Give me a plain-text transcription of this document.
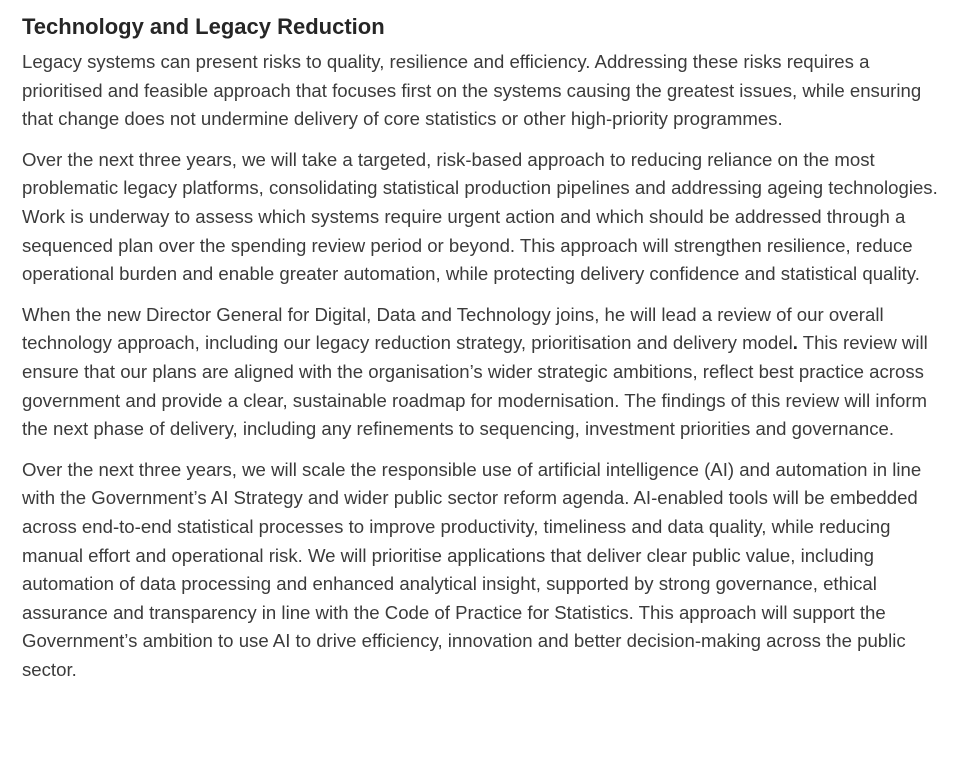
Technology and Legacy Reduction

Legacy systems can present risks to quality, resilience and efficiency. Addressing these risks requires a prioritised and feasible approach that focuses first on the systems causing the greatest issues, while ensuring that change does not undermine delivery of core statistics or other high-priority programmes.

Over the next three years, we will take a targeted, risk-based approach to reducing reliance on the most problematic legacy platforms, consolidating statistical production pipelines and addressing ageing technologies. Work is underway to assess which systems require urgent action and which should be addressed through a sequenced plan over the spending review period or beyond. This approach will strengthen resilience, reduce operational burden and enable greater automation, while protecting delivery confidence and statistical quality.

When the new Director General for Digital, Data and Technology joins, he will lead a review of our overall technology approach, including our legacy reduction strategy, prioritisation and delivery model. This review will ensure that our plans are aligned with the organisation’s wider strategic ambitions, reflect best practice across government and provide a clear, sustainable roadmap for modernisation. The findings of this review will inform the next phase of delivery, including any refinements to sequencing, investment priorities and governance.

Over the next three years, we will scale the responsible use of artificial intelligence (AI) and automation in line with the Government’s AI Strategy and wider public sector reform agenda. AI-enabled tools will be embedded across end-to-end statistical processes to improve productivity, timeliness and data quality, while reducing manual effort and operational risk. We will prioritise applications that deliver clear public value, including automation of data processing and enhanced analytical insight, supported by strong governance, ethical assurance and transparency in line with the Code of Practice for Statistics. This approach will support the Government’s ambition to use AI to drive efficiency, innovation and better decision-making across the public sector.
